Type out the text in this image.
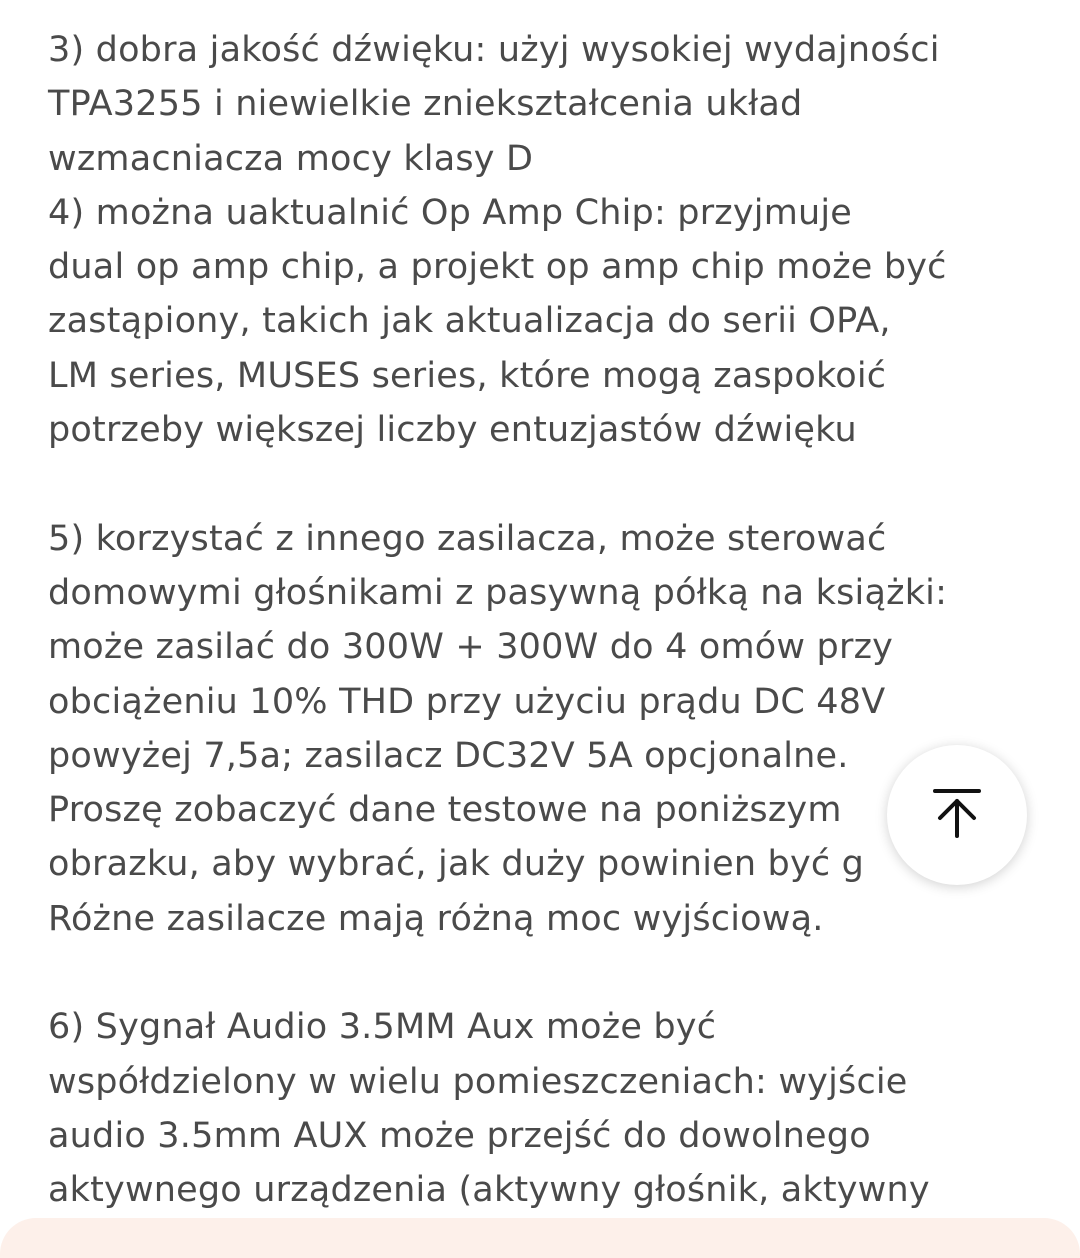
3) dobra jakość dźwięku: użyj wysokiej wydajności
TPA3255 i niewielkie zniekształcenia układ
wzmacniacza mocy klasy D
4) można uaktualnić Op Amp Chip: przyjmuje
dual op amp chip, a projekt op amp chip może być
zastąpiony, takich jak aktualizacja do serii OPA,
LM series, MUSES series, które mogą zaspokoić
potrzeby większej liczby entuzjastów dźwięku
5) korzystać z innego zasilacza, może sterować
domowymi głośnikami z pasywną półką na książki:
może zasilać do 300W + 300W do 4 omów przy
obciążeniu 10% THD przy użyciu prądu DC 48V
powyżej 7,5a; zasilacz DC32V 5A opcjonalne.
Proszę zobaczyć dane testowe na poniższym
obrazku, aby wybrać, jak duży powinien być g
Różne zasilacze mają różną moc wyjściową.
6) Sygnał Audio 3.5MM Aux może być
współdzielony w wielu pomieszczeniach: wyjście
audio 3.5mm AUX może przejść do dowolnego
aktywnego urządzenia (aktywny głośnik, aktywny
